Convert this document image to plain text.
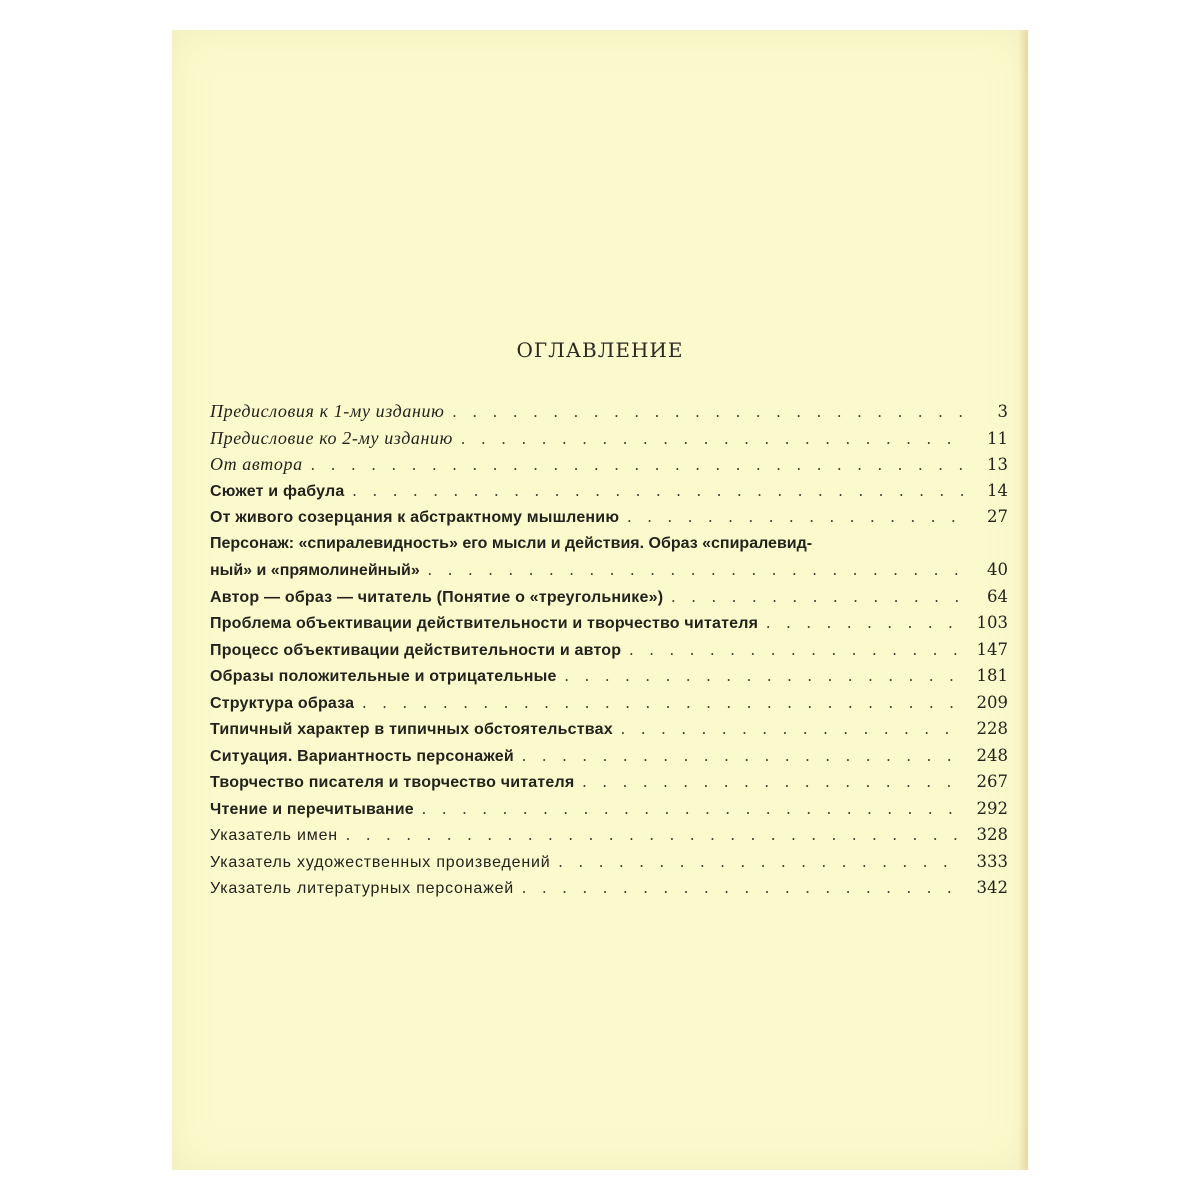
ОГЛАВЛЕНИЕ
Предисловия к 1-му изданию . . .	3
Предисловие ко 2-му изданию . . .	11
От автора . . .	13
Сюжет и фабула . . .	14
От живого созерцания к абстрактному мышлению . . .	27
Персонаж: «спиралевидность» его мысли и действия. Образ «спиралевид-
ный» и «прямолинейный» . . .	40
Автор — образ — читатель (Понятие о «треугольнике») . . .	64
Проблема объективации действительности и творчество читателя . . .	103
Процесс объективации действительности и автор . . .	147
Образы положительные и отрицательные . . .	181
Структура образа . . .	209
Типичный характер в типичных обстоятельствах . . .	228
Ситуация. Вариантность персонажей . . .	248
Творчество писателя и творчество читателя . . .	267
Чтение и перечитывание . . .	292
Указатель имен . . .	328
Указатель художественных произведений . . .	333
Указатель литературных персонажей . . .	342
